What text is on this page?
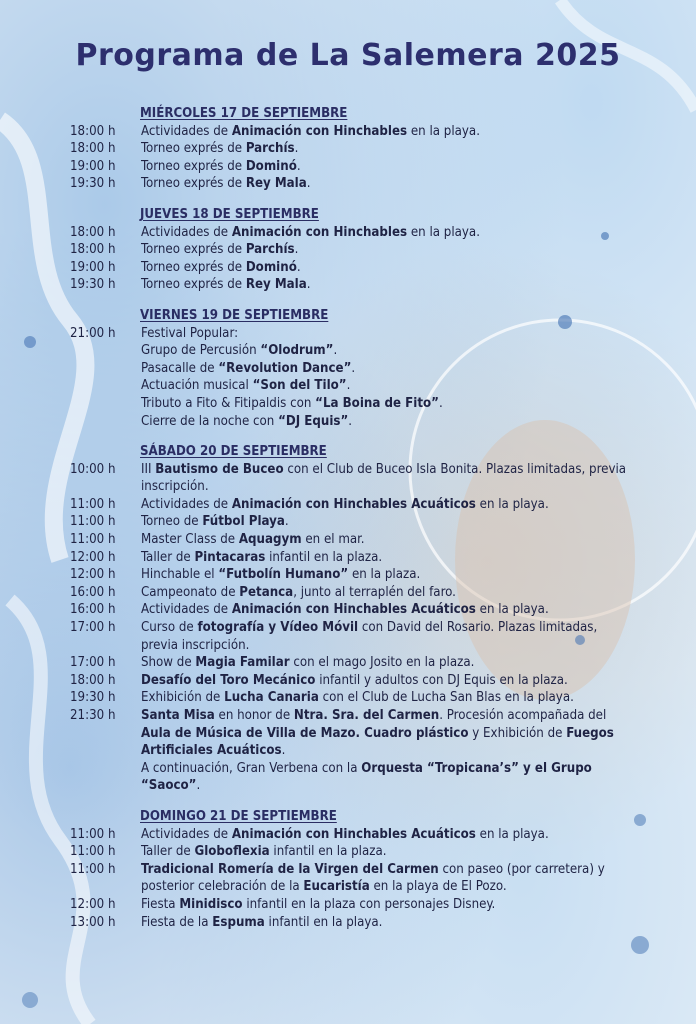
Programa de La Salemera 2025
MIÉRCOLES 17 DE SEPTIEMBRE
18:00 h	Actividades de Animación con Hinchables en la playa.
18:00 h	Torneo exprés de Parchís.
19:00 h	Torneo exprés de Dominó.
19:30 h	Torneo exprés de Rey Mala.
JUEVES 18 DE SEPTIEMBRE
18:00 h	Actividades de Animación con Hinchables en la playa.
18:00 h	Torneo exprés de Parchís.
19:00 h	Torneo exprés de Dominó.
19:30 h	Torneo exprés de Rey Mala.
VIERNES 19 DE SEPTIEMBRE
21:00 h	Festival Popular:
Grupo de Percusión “Olodrum”.
Pasacalle de “Revolution Dance”.
Actuación musical “Son del Tilo”.
Tributo a Fito & Fitipaldis con “La Boina de Fito”.
Cierre de la noche con “DJ Equis”.
SÁBADO 20 DE SEPTIEMBRE
10:00 h	III Bautismo de Buceo con el Club de Buceo Isla Bonita. Plazas limitadas, previa inscripción.
11:00 h	Actividades de Animación con Hinchables Acuáticos en la playa.
11:00 h	Torneo de Fútbol Playa.
11:00 h	Master Class de Aquagym en el mar.
12:00 h	Taller de Pintacaras infantil en la plaza.
12:00 h	Hinchable el “Futbolín Humano” en la plaza.
16:00 h	Campeonato de Petanca, junto al terraplén del faro.
16:00 h	Actividades de Animación con Hinchables Acuáticos en la playa.
17:00 h	Curso de fotografía y Vídeo Móvil con David del Rosario. Plazas limitadas, previa inscripción.
17:00 h	Show de Magia Familar con el mago Josito en la plaza.
18:00 h	Desafío del Toro Mecánico infantil y adultos con DJ Equis en la plaza.
19:30 h	Exhibición de Lucha Canaria con el Club de Lucha San Blas en la playa.
21:30 h	Santa Misa en honor de Ntra. Sra. del Carmen. Procesión acompañada del Aula de Música de Villa de Mazo. Cuadro plástico y Exhibición de Fuegos Artificiales Acuáticos.
A continuación, Gran Verbena con la Orquesta “Tropicana’s” y el Grupo “Saoco”.
DOMINGO 21 DE SEPTIEMBRE
11:00 h	Actividades de Animación con Hinchables Acuáticos en la playa.
11:00 h	Taller de Globoflexia infantil en la plaza.
11:00 h	Tradicional Romería de la Virgen del Carmen con paseo (por carretera) y posterior celebración de la Eucaristía en la playa de El Pozo.
12:00 h	Fiesta Minidisco infantil en la plaza con personajes Disney.
13:00 h	Fiesta de la Espuma infantil en la playa.
